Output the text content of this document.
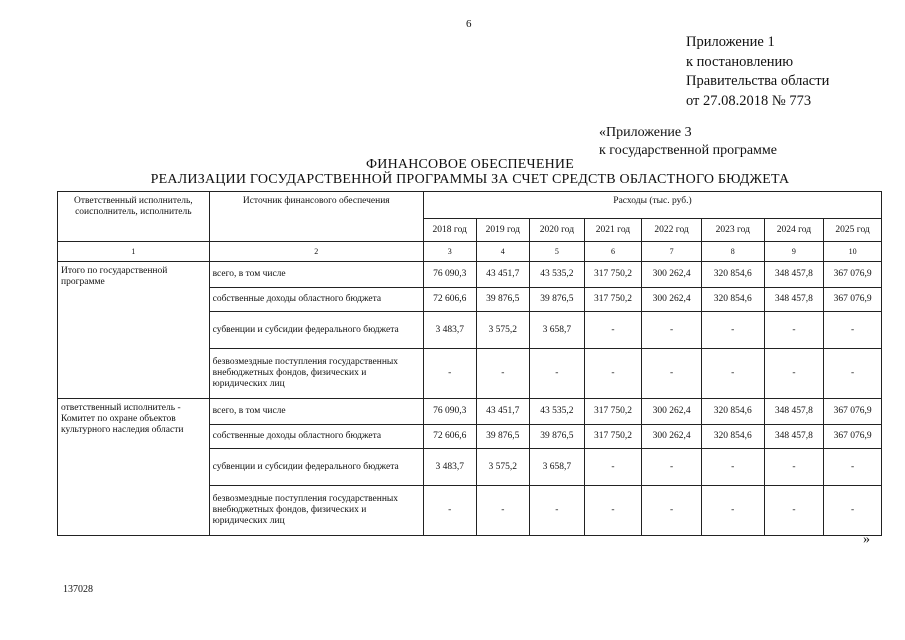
6
Приложение 1
к постановлению
Правительства области
от 27.08.2018 № 773
«Приложение 3
к государственной программе
ФИНАНСОВОЕ ОБЕСПЕЧЕНИЕ
РЕАЛИЗАЦИИ ГОСУДАРСТВЕННОЙ ПРОГРАММЫ ЗА СЧЕТ СРЕДСТВ ОБЛАСТНОГО БЮДЖЕТА
Ответственный исполнитель, соисполнитель, исполнитель	Источник финансового обеспечения	Расходы (тыс. руб.)							
		2018 год	2019 год	2020 год	2021 год	2022 год	2023 год	2024 год	2025 год
1	2	3	4	5	6	7	8	9	10
Итого по государственной программе	всего, в том числе	76 090,3	43 451,7	43 535,2	317 750,2	300 262,4	320 854,6	348 457,8	367 076,9
	собственные доходы областного бюджета	72 606,6	39 876,5	39 876,5	317 750,2	300 262,4	320 854,6	348 457,8	367 076,9
	субвенции и субсидии федерального бюджета	3 483,7	3 575,2	3 658,7	-	-	-	-	-
	безвозмездные поступления государственных внебюджетных фондов, физических и юридических лиц	-	-	-	-	-	-	-	-
ответственный исполнитель - Комитет по охране объектов культурного наследия области	всего, в том числе	76 090,3	43 451,7	43 535,2	317 750,2	300 262,4	320 854,6	348 457,8	367 076,9
	собственные доходы областного бюджета	72 606,6	39 876,5	39 876,5	317 750,2	300 262,4	320 854,6	348 457,8	367 076,9
	субвенции и субсидии федерального бюджета	3 483,7	3 575,2	3 658,7	-	-	-	-	-
	безвозмездные поступления государственных внебюджетных фондов, физических и юридических лиц	-	-	-	-	-	-	-	-
»
137028
